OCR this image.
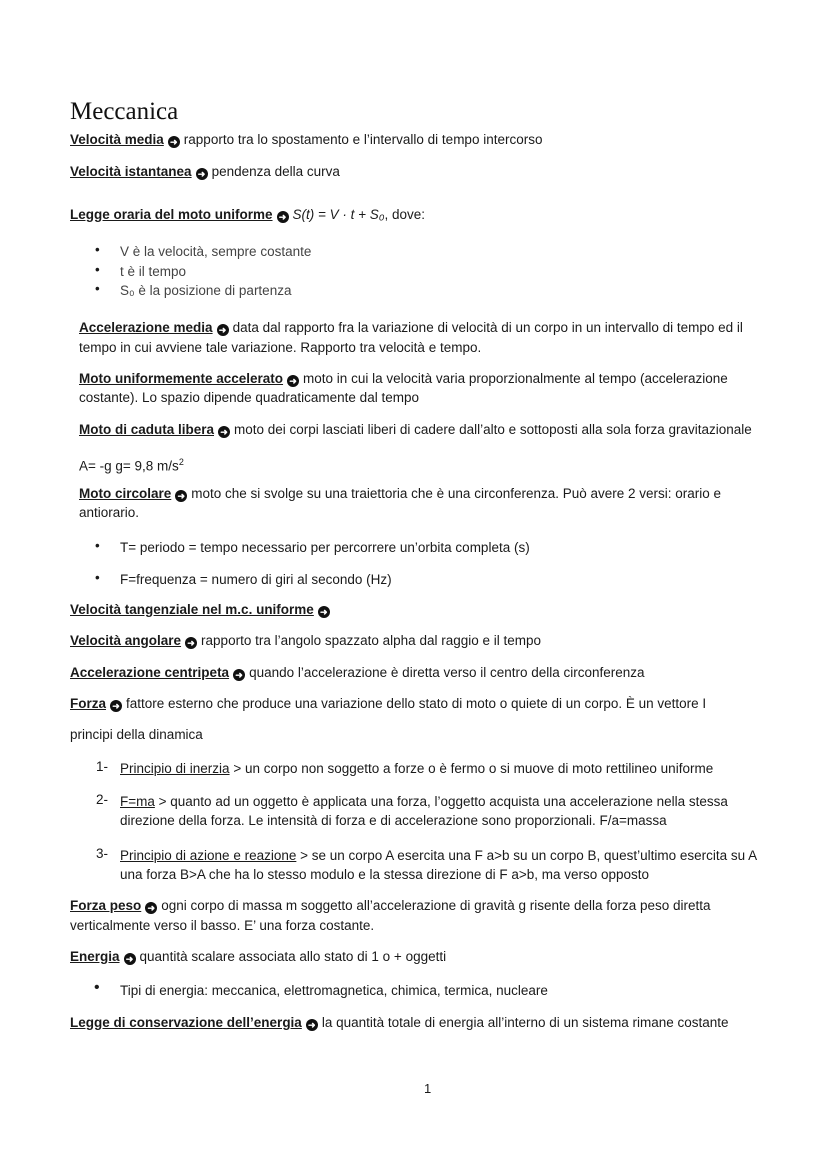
Meccanica
Velocità media ➜ rapporto tra lo spostamento e l’intervallo di tempo intercorso
Velocità istantanea ➜ pendenza della curva
Legge oraria del moto uniforme ➜ S(t) = V · t + S₀, dove:
• V è la velocità, sempre costante
• t è il tempo
• S₀ è la posizione di partenza
Accelerazione media ➜ data dal rapporto fra la variazione di velocità di un corpo in un intervallo di tempo ed il
tempo in cui avviene tale variazione. Rapporto tra velocità e tempo.
Moto uniformemente accelerato ➜ moto in cui la velocità varia proporzionalmente al tempo (accelerazione
costante). Lo spazio dipende quadraticamente dal tempo
Moto di caduta libera ➜ moto dei corpi lasciati liberi di cadere dall’alto e sottoposti alla sola forza gravitazionale
A= -g g= 9,8 $m/s^2$
Moto circolare ➜ moto che si svolge su una traiettoria che è una circonferenza. Può avere 2 versi: orario e
antiorario.
• T= periodo = tempo necessario per percorrere un’orbita completa (s)
• F=frequenza = numero di giri al secondo (Hz)
Velocità tangenziale nel m.c. uniforme ➜
Velocità angolare ➜ rapporto tra l’angolo spazzato alpha dal raggio e il tempo
Accelerazione centripeta ➜ quando l’accelerazione è diretta verso il centro della circonferenza
Forza ➜ fattore esterno che produce una variazione dello stato di moto o quiete di un corpo. È un vettore I
principi della dinamica
1- Principio di inerzia > un corpo non soggetto a forze o è fermo o si muove di moto rettilineo uniforme
2- F=ma > quanto ad un oggetto è applicata una forza, l’oggetto acquista una accelerazione nella stessa
direzione della forza. Le intensità di forza e di accelerazione sono proporzionali. F/a=massa
3- Principio di azione e reazione > se un corpo A esercita una F a>b su un corpo B, quest’ultimo esercita su A
una forza B>A che ha lo stesso modulo e la stessa direzione di F a>b, ma verso opposto
Forza peso ➜ ogni corpo di massa m soggetto all’accelerazione di gravità g risente della forza peso diretta
verticalmente verso il basso. E’ una forza costante.
Energia ➜ quantità scalare associata allo stato di 1 o + oggetti
• Tipi di energia: meccanica, elettromagnetica, chimica, termica, nucleare
Legge di conservazione dell’energia ➜ la quantità totale di energia all’interno di un sistema rimane costante
1
